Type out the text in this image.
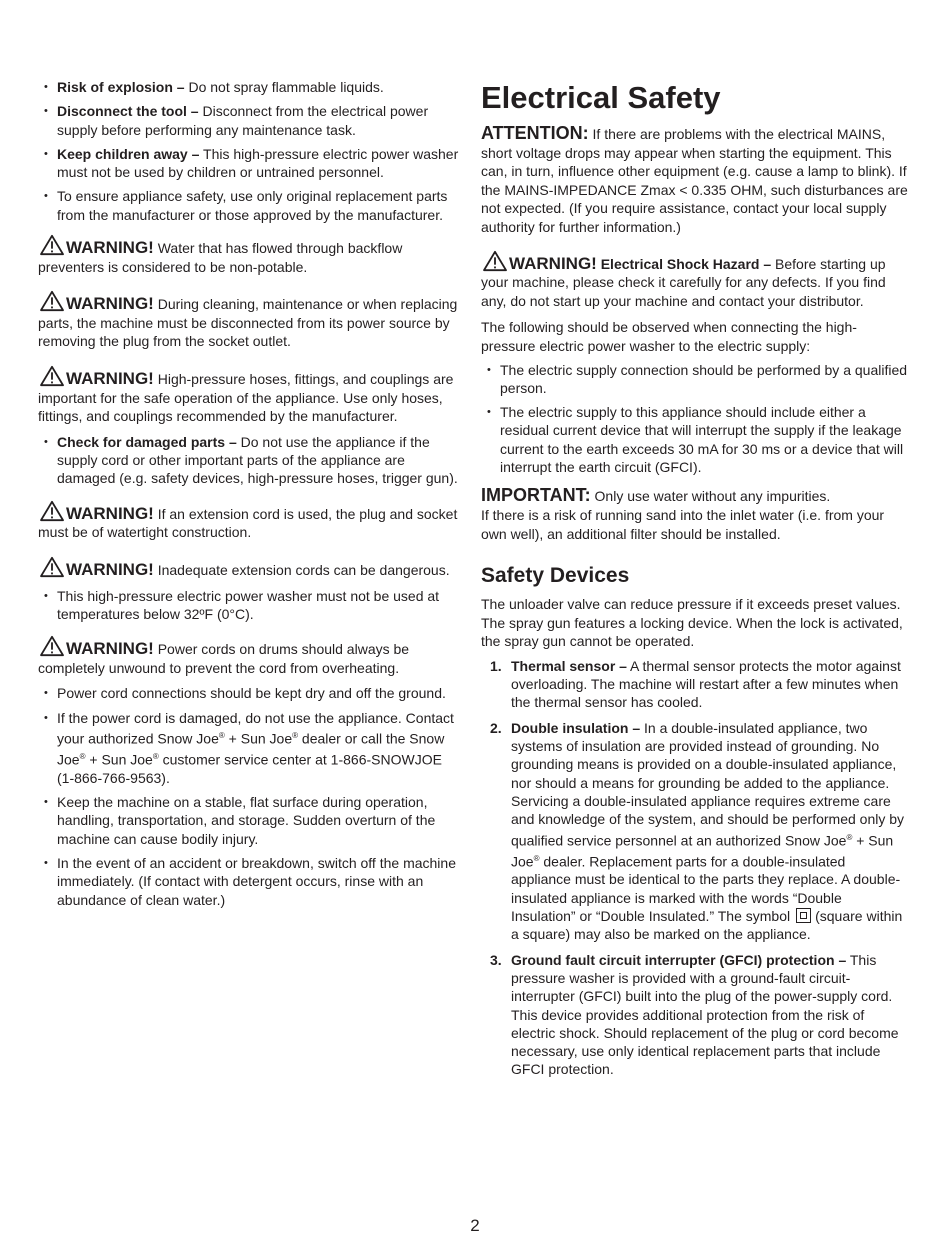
• Risk of explosion – Do not spray flammable liquids.
• Disconnect the tool – Disconnect from the electrical power supply before performing any maintenance task.
• Keep children away – This high-pressure electric power washer must not be used by children or untrained personnel.
• To ensure appliance safety, use only original replacement parts from the manufacturer or those approved by the manufacturer.

WARNING! Water that has flowed through backflow preventers is considered to be non-potable.

WARNING! During cleaning, maintenance or when replacing parts, the machine must be disconnected from its power source by removing the plug from the socket outlet.

WARNING! High-pressure hoses, fittings, and couplings are important for the safe operation of the appliance. Use only hoses, fittings, and couplings recommended by the manufacturer.

• Check for damaged parts – Do not use the appliance if the supply cord or other important parts of the appliance are damaged (e.g. safety devices, high-pressure hoses, trigger gun).

WARNING! If an extension cord is used, the plug and socket must be of watertight construction.

WARNING! Inadequate extension cords can be dangerous.

• This high-pressure electric power washer must not be used at temperatures below 32ºF (0°C).

WARNING! Power cords on drums should always be completely unwound to prevent the cord from overheating.

• Power cord connections should be kept dry and off the ground.
• If the power cord is damaged, do not use the appliance. Contact your authorized Snow Joe® + Sun Joe® dealer or call the Snow Joe® + Sun Joe® customer service center at 1-866-SNOWJOE (1-866-766-9563).
• Keep the machine on a stable, flat surface during operation, handling, transportation, and storage. Sudden overturn of the machine can cause bodily injury.
• In the event of an accident or breakdown, switch off the machine immediately. (If contact with detergent occurs, rinse with an abundance of clean water.)
Electrical Safety

ATTENTION: If there are problems with the electrical MAINS, short voltage drops may appear when starting the equipment. This can, in turn, influence other equipment (e.g. cause a lamp to blink). If the MAINS-IMPEDANCE Zmax < 0.335 OHM, such disturbances are not expected. (If you require assistance, contact your local supply authority for further information.)

WARNING! Electrical Shock Hazard – Before starting up your machine, please check it carefully for any defects. If you find any, do not start up your machine and contact your distributor.

The following should be observed when connecting the high-pressure electric power washer to the electric supply:

• The electric supply connection should be performed by a qualified person.
• The electric supply to this appliance should include either a residual current device that will interrupt the supply if the leakage current to the earth exceeds 30 mA for 30 ms or a device that will interrupt the earth circuit (GFCI).

IMPORTANT: Only use water without any impurities.
If there is a risk of running sand into the inlet water (i.e. from your own well), an additional filter should be installed.

Safety Devices

The unloader valve can reduce pressure if it exceeds preset values. The spray gun features a locking device. When the lock is activated, the spray gun cannot be operated.

1. Thermal sensor – A thermal sensor protects the motor against overloading. The machine will restart after a few minutes when the thermal sensor has cooled.
2. Double insulation – In a double-insulated appliance, two systems of insulation are provided instead of grounding. No grounding means is provided on a double-insulated appliance, nor should a means for grounding be added to the appliance. Servicing a double-insulated appliance requires extreme care and knowledge of the system, and should be performed only by qualified service personnel at an authorized Snow Joe® + Sun Joe® dealer. Replacement parts for a double-insulated appliance must be identical to the parts they replace. A double-insulated appliance is marked with the words “Double Insulation” or “Double Insulated.” The symbol (square within a square) may also be marked on the appliance.
3. Ground fault circuit interrupter (GFCI) protection – This pressure washer is provided with a ground-fault circuit-interrupter (GFCI) built into the plug of the power-supply cord. This device provides additional protection from the risk of electric shock. Should replacement of the plug or cord become necessary, use only identical replacement parts that include GFCI protection.
2
